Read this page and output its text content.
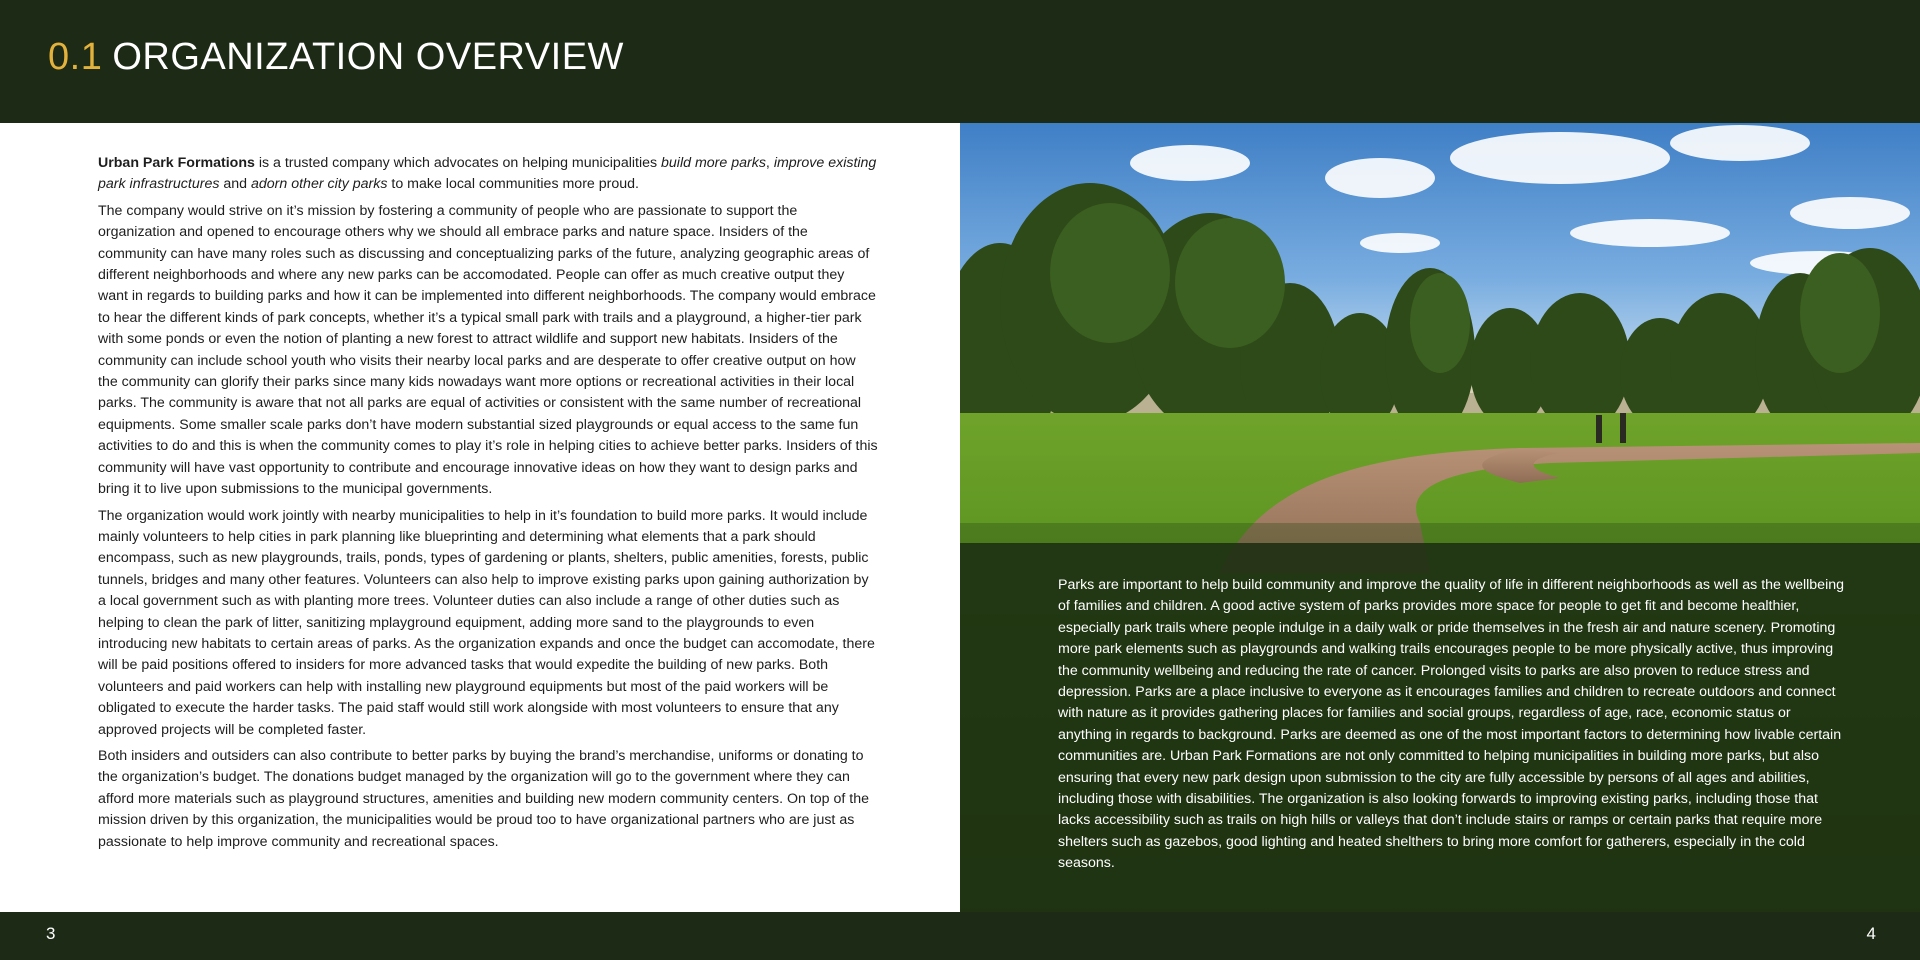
0.1 ORGANIZATION OVERVIEW

Urban Park Formations is a trusted company which advocates on helping municipalities build more parks, improve existing park infrastructures and adorn other city parks to make local communities more proud.

The company would strive on it’s mission by fostering a community of people who are passionate to support the organization and opened to encourage others why we should all embrace parks and nature space. Insiders of the community can have many roles such as discussing and conceptualizing parks of the future, analyzing geographic areas of different neighborhoods and where any new parks can be accomodated. People can offer as much creative output they want in regards to building parks and how it can be implemented into different neighborhoods. The company would embrace to hear the different kinds of park concepts, whether it’s a typical small park with trails and a playground, a higher-tier park with some ponds or even the notion of planting a new forest to attract wildlife and support new habitats. Insiders of the community can include school youth who visits their nearby local parks and are desperate to offer creative output on how the community can glorify their parks since many kids nowadays want more options or recreational activities in their local parks. The community is aware that not all parks are equal of activities or consistent with the same number of recreational equipments. Some smaller scale parks don’t have modern substantial sized playgrounds or equal access to the same fun activities to do and this is when the community comes to play it’s role in helping cities to achieve better parks. Insiders of this community will have vast opportunity to contribute and encourage innovative ideas on how they want to design parks and bring it to live upon submissions to the municipal governments.

The organization would work jointly with nearby municipalities to help in it’s foundation to build more parks. It would include mainly volunteers to help cities in park planning like blueprinting and determining what elements that a park should encompass, such as new playgrounds, trails, ponds, types of gardening or plants, shelters, public amenities, forests, public tunnels, bridges and many other features. Volunteers can also help to improve existing parks upon gaining authorization by a local government such as with planting more trees. Volunteer duties can also include a range of other duties such as helping to clean the park of litter, sanitizing mplayground equipment, adding more sand to the playgrounds to even introducing new habitats to certain areas of parks. As the organization expands and once the budget can accomodate, there will be paid positions offered to insiders for more advanced tasks that would expedite the building of new parks. Both volunteers and paid workers can help with installing new playground equipments but most of the paid workers will be obligated to execute the harder tasks. The paid staff would still work alongside with most volunteers to ensure that any approved projects will be completed faster.

Both insiders and outsiders can also contribute to better parks by buying the brand’s merchandise, uniforms or donating to the organization’s budget. The donations budget managed by the organization will go to the government where they can afford more materials such as playground structures, amenities and building new modern community centers. On top of the mission driven by this organization, the municipalities would be proud too to have organizational partners who are just as passionate to help improve community and recreational spaces.

Parks are important to help build community and improve the quality of life in different neighborhoods as well as the wellbeing of families and children. A good active system of parks provides more space for people to get fit and become healthier, especially park trails where people indulge in a daily walk or pride themselves in the fresh air and nature scenery. Promoting more park elements such as playgrounds and walking trails encourages people to be more physically active, thus improving the community wellbeing and reducing the rate of cancer. Prolonged visits to parks are also proven to reduce stress and depression. Parks are a place inclusive to everyone as it encourages families and children to recreate outdoors and connect with nature as it provides gathering places for families and social groups, regardless of age, race, economic status or anything in regards to background. Parks are deemed as one of the most important factors to determining how livable certain communities are. Urban Park Formations are not only committed to helping municipalities in building more parks, but also ensuring that every new park design upon submission to the city are fully accessible by persons of all ages and abilities, including those with disabilities. The organization is also looking forwards to improving existing parks, including those that lacks accessibility such as trails on high hills or valleys that don’t include stairs or ramps or certain parks that require more shelters such as gazebos, good lighting and heated shelthers to bring more comfort for gatherers, especially in the cold seasons.

3	4
